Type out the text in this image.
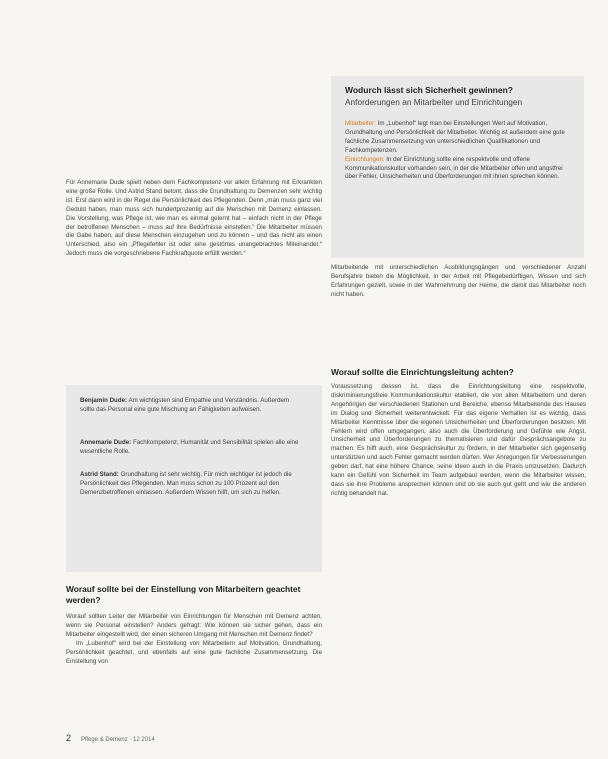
Wodurch lässt sich Sicherheit gewinnen?
Anforderungen an Mitarbeiter und Einrichtungen
Mitarbeiter: Im „Lubenhof“ legt man bei Einstellungen Wert auf Motivation, Grundhaltung und Persönlichkeit der Mitarbeiter. Wichtig ist außerdem eine gute fachliche Zusammensetzung von unterschiedlichen Qualifikationen und Fachkompetenzen.
Einrichtungen: In der Einrichtung sollte eine respektvolle und offene Kommunikationskultur vorhanden sein, in der die Mitarbeiter offen und angstfrei über Fehler, Unsicherheiten und Überforderungen mit ihnen sprechen können.
Für Annemarie Dude spielt neben dem Fachkompetenz vor allem Erfahrung mit Erkrankten eine große Rolle. Und Astrid Stand betont, dass die Grundhaltung zu Demenzen sehr wichtig ist. Erst dann wird in der Regel die Persönlichkeit des Pflegenden. Denn „man muss ganz viel Geduld haben, man muss sich hundertprozentig auf die Menschen mit Demenz einlassen. Die Vorstellung, was Pflege ist, wie man es einmal gelernt hat – einfach nicht in der Pflege der betroffenen Menschen – muss auf ihre Bedürfnisse einstellen.“ Die Mitarbeiter müssen die Gabe haben, auf diese Menschen einzugehen und zu können – und das nicht als einen Unterschied, also ein „Pflegefehler ist oder eine gestörtes unangebrachtes Miteinander.“ Jedoch muss die vorgeschriebene Fachkraftquote erfüllt werden.“
Mitarbeitende mit unterschiedlichen Ausbildungsgängen und verschiedener Anzahl Berufsjahre bieten die Möglichkeit, in der Arbeit mit Pflegebedürftigen, Wissen und sich Erfahrungen gezielt, sowie in der Wahrnehmung der Heime, die damit das Mitarbeiter noch nicht haben.
Worauf sollte die Einrichtungsleitung achten?
Voraussetzung dessen ist, dass die Einrichtungsleitung eine respektvolle, diskriminierungsfreie Kommunikationskultur etabliert, die von allen Mitarbeitern und deren Angehörigen der verschiedenen Stationen und Bereiche, ebenso Mitarbeitende des Hauses im Dialog und Sicherheit weiterentwickelt. Für das eigene Verhalten ist es wichtig, dass Mitarbeiter Kenntnisse über die eigenen Unsicherheiten und Überforderungen besitzen. Mit Fehlern wird offen umgegangen, also auch die Überforderung und Gefühle wie Angst, Unsicherheit und Überforderungen zu thematisieren und dafür Gesprächsangebote zu machen. Es hilft auch, eine Gesprächskultur zu fördern, in der Mitarbeiter sich gegenseitig unterstützen und auch Fehler gemacht werden dürfen. Wer Anregungen für Verbesserungen geben darf, hat eine höhere Chance, seine Ideen auch in die Praxis umzusetzen. Dadurch kann ein Gefühl von Sicherheit im Team aufgebaut werden, wenn die Mitarbeiter wissen, dass sie ihre Probleme ansprechen können und ob sie auch gut geht und wie die anderen richtig behandelt hat.
Benjamin Dude: Am wichtigsten sind Empathie und Verständnis. Außerdem sollte das Personal eine gute Mischung an Fähigkeiten aufweisen.
Annemarie Dude: Fachkompetenz, Humanität und Sensibilität spielen alle eine wesentliche Rolle.
Astrid Stand: Grundhaltung ist sehr wichtig. Für mich wichtiger ist jedoch die Persönlichkeit des Pflegenden. Man muss schon zu 100 Prozent auf den Demenzbetroffenen einlassen. Außerdem Wissen hilft, um sich zu helfen.
Worauf sollte bei der Einstellung von Mitarbeitern geachtet werden?
Worauf sollten Leiter der Mitarbeiter von Einrichtungen für Menschen mit Demenz achten, wenn sie Personal einstellen? Anders gefragt: Wie können sie sicher gehen, dass ein Mitarbeiter eingestellt wird, der einen sicheren Umgang mit Menschen mit Demenz findet?
Im „Lubenhof“ wird bei der Einstellung von Mitarbeitern auf Motivation, Grundhaltung, Persönlichkeit geachtet, und ebenfalls auf eine gute fachliche Zusammensetzung. Die Einstellung von
2 Pflege & Demenz · 12 2014
